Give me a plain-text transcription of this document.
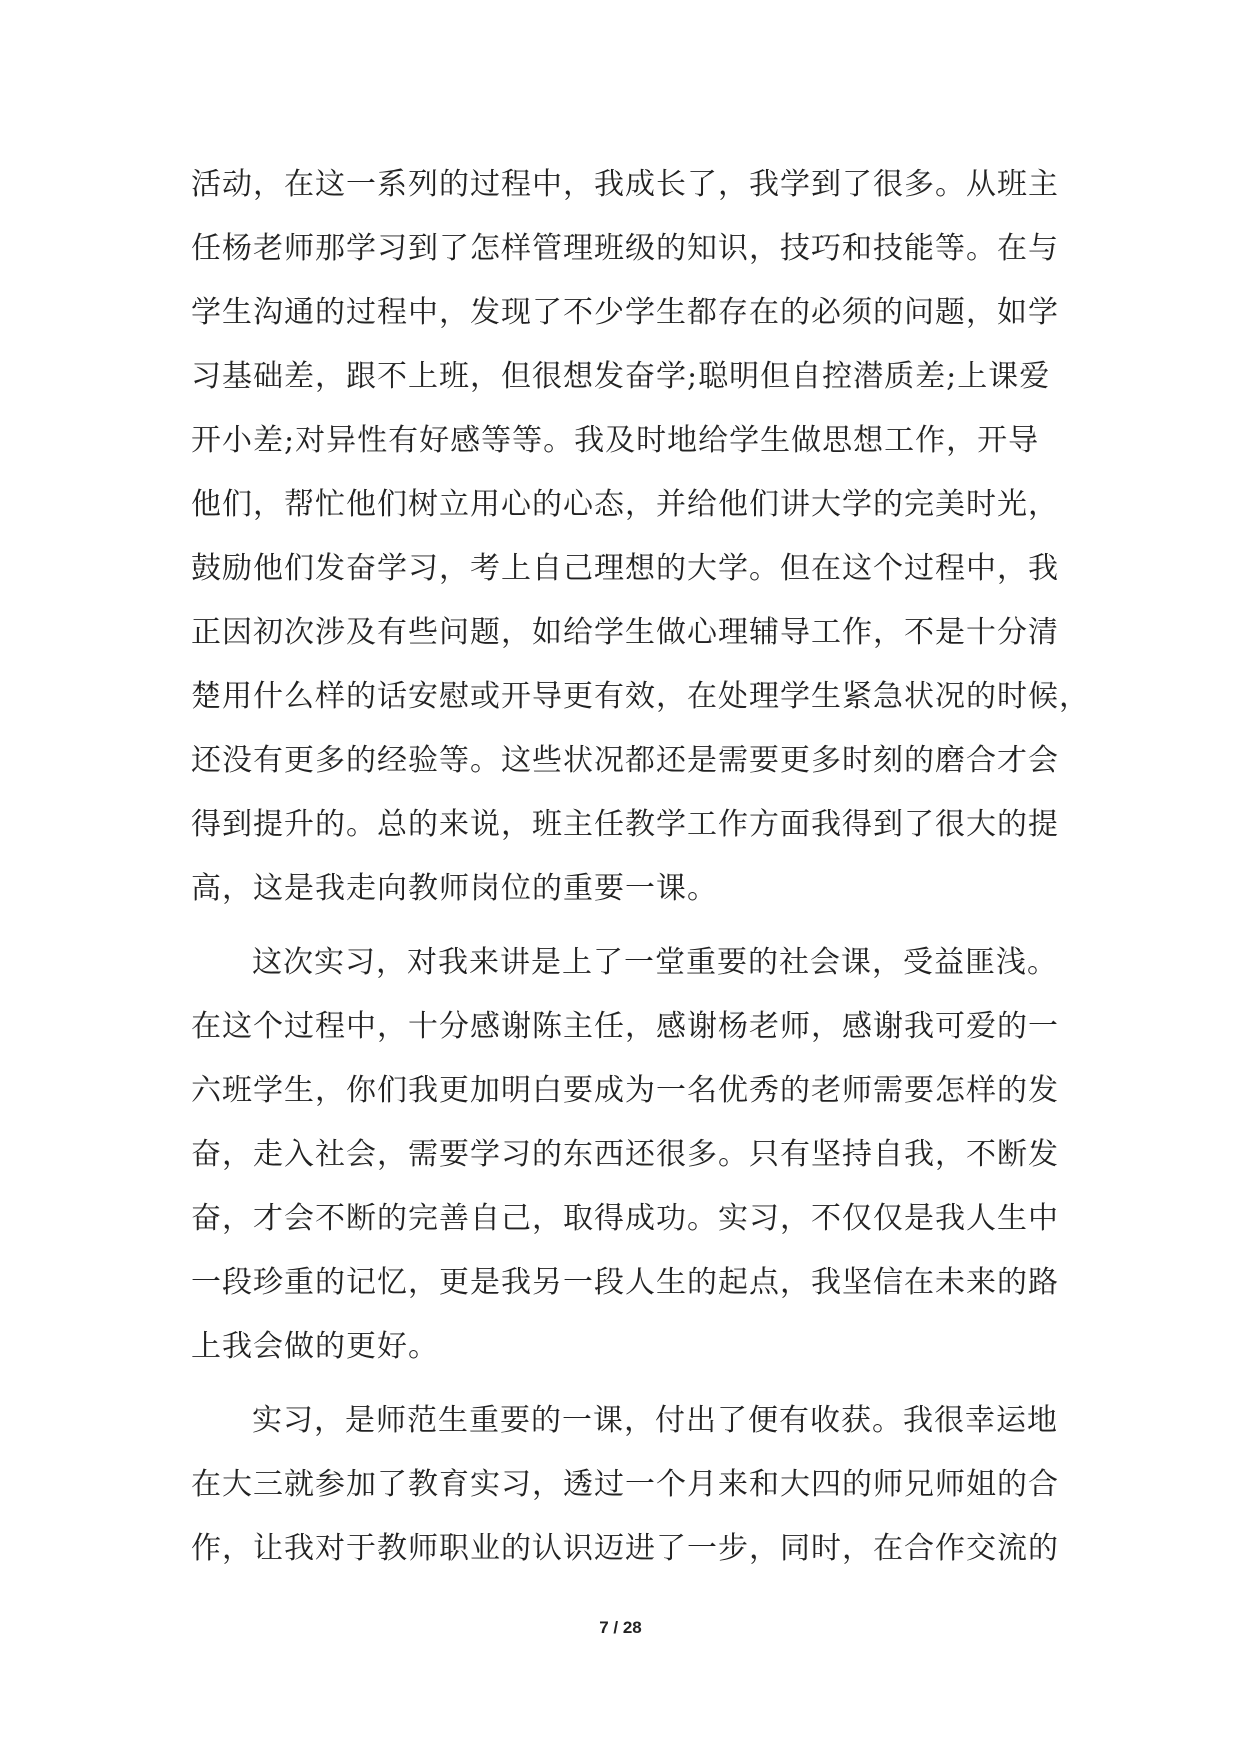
活动，在这一系列的过程中，我成长了，我学到了很多。从班主
任杨老师那学习到了怎样管理班级的知识，技巧和技能等。在与
学生沟通的过程中，发现了不少学生都存在的必须的问题，如学
习基础差，跟不上班，但很想发奋学;聪明但自控潜质差;上课爱
开小差;对异性有好感等等。我及时地给学生做思想工作，开导
他们，帮忙他们树立用心的心态，并给他们讲大学的完美时光，
鼓励他们发奋学习，考上自己理想的大学。但在这个过程中，我
正因初次涉及有些问题，如给学生做心理辅导工作，不是十分清
楚用什么样的话安慰或开导更有效，在处理学生紧急状况的时候，
还没有更多的经验等。这些状况都还是需要更多时刻的磨合才会
得到提升的。总的来说，班主任教学工作方面我得到了很大的提
高，这是我走向教师岗位的重要一课。
这次实习，对我来讲是上了一堂重要的社会课，受益匪浅。
在这个过程中，十分感谢陈主任，感谢杨老师，感谢我可爱的一
六班学生，你们我更加明白要成为一名优秀的老师需要怎样的发
奋，走入社会，需要学习的东西还很多。只有坚持自我，不断发
奋，才会不断的完善自己，取得成功。实习，不仅仅是我人生中
一段珍重的记忆，更是我另一段人生的起点，我坚信在未来的路
上我会做的更好。
实习，是师范生重要的一课，付出了便有收获。我很幸运地
在大三就参加了教育实习，透过一个月来和大四的师兄师姐的合
作，让我对于教师职业的认识迈进了一步，同时，在合作交流的
7 / 28
